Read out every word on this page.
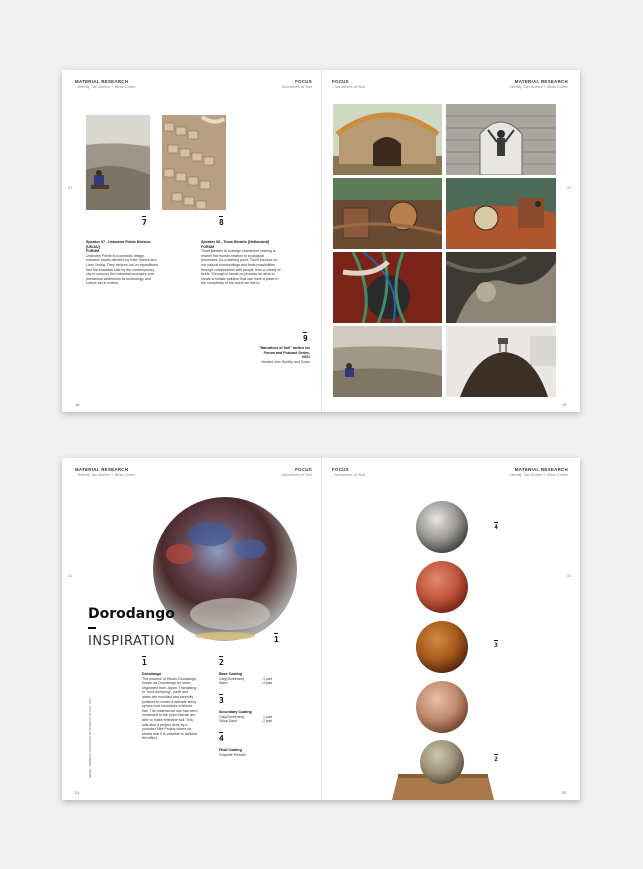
MATERIAL RESEARCH
- Wendy Tan Author + Blow Collec
FOCUS
- Narratives of Soil
FOCUS
- Narratives of Soil
MATERIAL RESEARCH
- Wendy Tan Author + Blow Collec
01	01
7	8
Speaker 07 - Unknown Fields Division [UK/AU]
FORUM
Unknown Fields is a nomadic design research studio directed by Kate Davies and Liam Young. They venture out on expeditions into the shadows cast by the contemporary city to uncover the industrial ecologies and precarious wilderness its technology and culture set in motion.
Speaker 08 - Thom Bindels [Netherland]
FORUM
Thom Bindels is a design researcher looking to restore the human relation to ecological processes. As a starting point, Thom focuses on our natural surroundings and finds possibilities through collaboration with people from a variety of fields. Through a hands on process he aims to create a holistic solution that can have a place in the complexity of the world we live in.
9
"Narratives of Soil" Invites for Forum and Podcast Series, 2021
Hosted over Spotify and Zoom
18	19
MATERIAL RESEARCH
- Wendy Tan Author + Blow Collec
FOCUS
- Narratives of Soil
FOCUS
- Narratives of Soil
MATERIAL RESEARCH
- Wendy Tan Author + Blow Collec
02	02
Dorodango
INSPIRATION	1
IMAGE · MATERIAL CREATIONS OF DOROTHY ATTILIO, 2021
1
Dorodango
The practice of Hikaru Dorodango, known as Dorodango for short, originated from Japan. Translating to "mud dumpling", earth and water are moulded and carefully polished to create a delicate shiny sphere that resembles a billiard ball. The material we use has been enhanced to the point that we are able to make reflective soil. This was also a project done by a youtuber Nirit Project where he shows that it is possible to achieve the effect.
2
Base Coating
Clay(Screened)	: 1 part
Sand	: 4 part
3
Secondary Coating
Clay(Screened)	: 1 part
Silica Sand	: 2 part
4
Final Coating
Graphite Powder
24	25
4
3
2
